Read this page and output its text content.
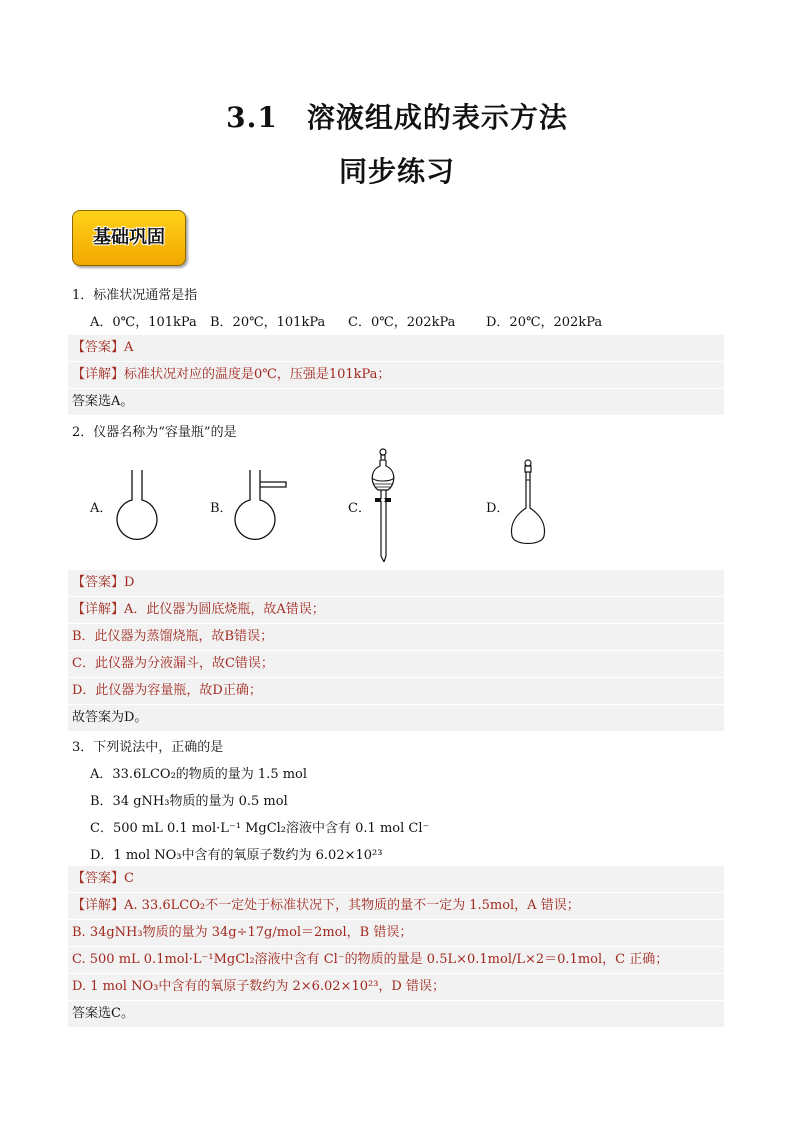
3.1　溶液组成的表示方法
同步练习
基础巩固
1．标准状况通常是指
A．0℃，101kPa B．20℃，101kPa C．0℃，202kPa D．20℃，202kPa
【答案】A
【详解】标准状况对应的温度是0℃，压强是101kPa；
答案选A。
2．仪器名称为“容量瓶”的是
A．	B．	C．	D．
【答案】D
【详解】A．此仪器为圆底烧瓶，故A错误；
B．此仪器为蒸馏烧瓶，故B错误；
C．此仪器为分液漏斗，故C错误；
D．此仪器为容量瓶，故D正确；
故答案为D。
3．下列说法中，正确的是
A．33.6LCO₂的物质的量为 1.5 mol
B．34 gNH₃物质的量为 0.5 mol
C．500 mL 0.1 mol·L⁻¹ MgCl₂溶液中含有 0.1 mol Cl⁻
D．1 mol NO₃中含有的氧原子数约为 6.02×10²³
【答案】C
【详解】A. 33.6LCO₂不一定处于标准状况下，其物质的量不一定为 1.5mol，A 错误；
B. 34gNH₃物质的量为 34g÷17g/mol＝2mol，B 错误；
C. 500 mL 0.1mol·L⁻¹MgCl₂溶液中含有 Cl⁻的物质的量是 0.5L×0.1mol/L×2＝0.1mol，C 正确；
D. 1 mol NO₃中含有的氧原子数约为 2×6.02×10²³，D 错误；
答案选C。
